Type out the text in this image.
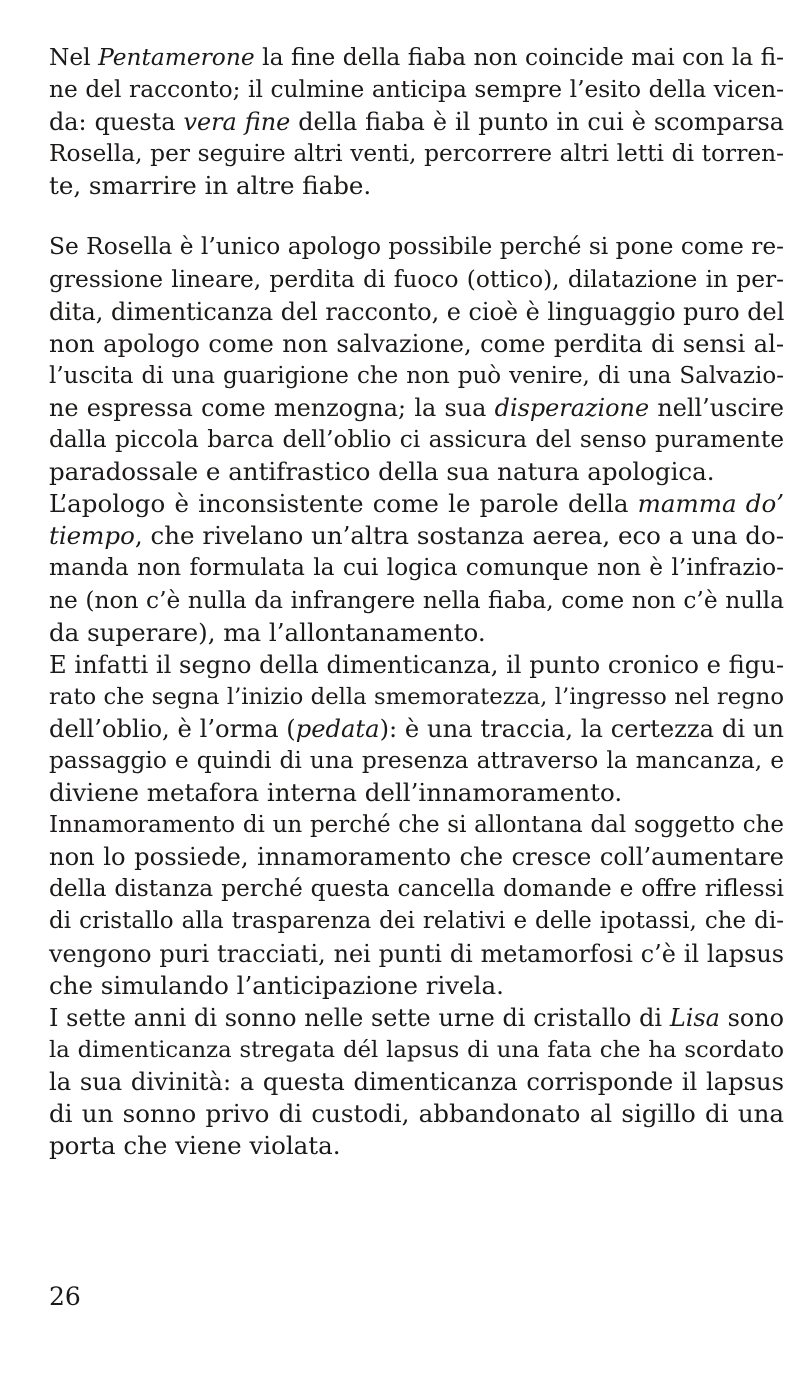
Nel Pentamerone la fine della fiaba non coincide mai con la fi-
ne del racconto; il culmine anticipa sempre l’esito della vicen-
da: questa vera fine della fiaba è il punto in cui è scomparsa
Rosella, per seguire altri venti, percorrere altri letti di torren-
te, smarrire in altre fiabe.
Se Rosella è l’unico apologo possibile perché si pone come re-
gressione lineare, perdita di fuoco (ottico), dilatazione in per-
dita, dimenticanza del racconto, e cioè è linguaggio puro del
non apologo come non salvazione, come perdita di sensi al-
l’uscita di una guarigione che non può venire, di una Salvazio-
ne espressa come menzogna; la sua disperazione nell’uscire
dalla piccola barca dell’oblio ci assicura del senso puramente
paradossale e antifrastico della sua natura apologica.
L’apologo è inconsistente come le parole della mamma do’
tiempo, che rivelano un’altra sostanza aerea, eco a una do-
manda non formulata la cui logica comunque non è l’infrazio-
ne (non c’è nulla da infrangere nella fiaba, come non c’è nulla
da superare), ma l’allontanamento.
E infatti il segno della dimenticanza, il punto cronico e figu-
rato che segna l’inizio della smemoratezza, l’ingresso nel regno
dell’oblio, è l’orma (pedata): è una traccia, la certezza di un
passaggio e quindi di una presenza attraverso la mancanza, e
diviene metafora interna dell’innamoramento.
Innamoramento di un perché che si allontana dal soggetto che
non lo possiede, innamoramento che cresce coll’aumentare
della distanza perché questa cancella domande e offre riflessi
di cristallo alla trasparenza dei relativi e delle ipotassi, che di-
vengono puri tracciati, nei punti di metamorfosi c’è il lapsus
che simulando l’anticipazione rivela.
I sette anni di sonno nelle sette urne di cristallo di Lisa sono
la dimenticanza stregata dél lapsus di una fata che ha scordato
la sua divinità: a questa dimenticanza corrisponde il lapsus
di un sonno privo di custodi, abbandonato al sigillo di una
porta che viene violata.
26
